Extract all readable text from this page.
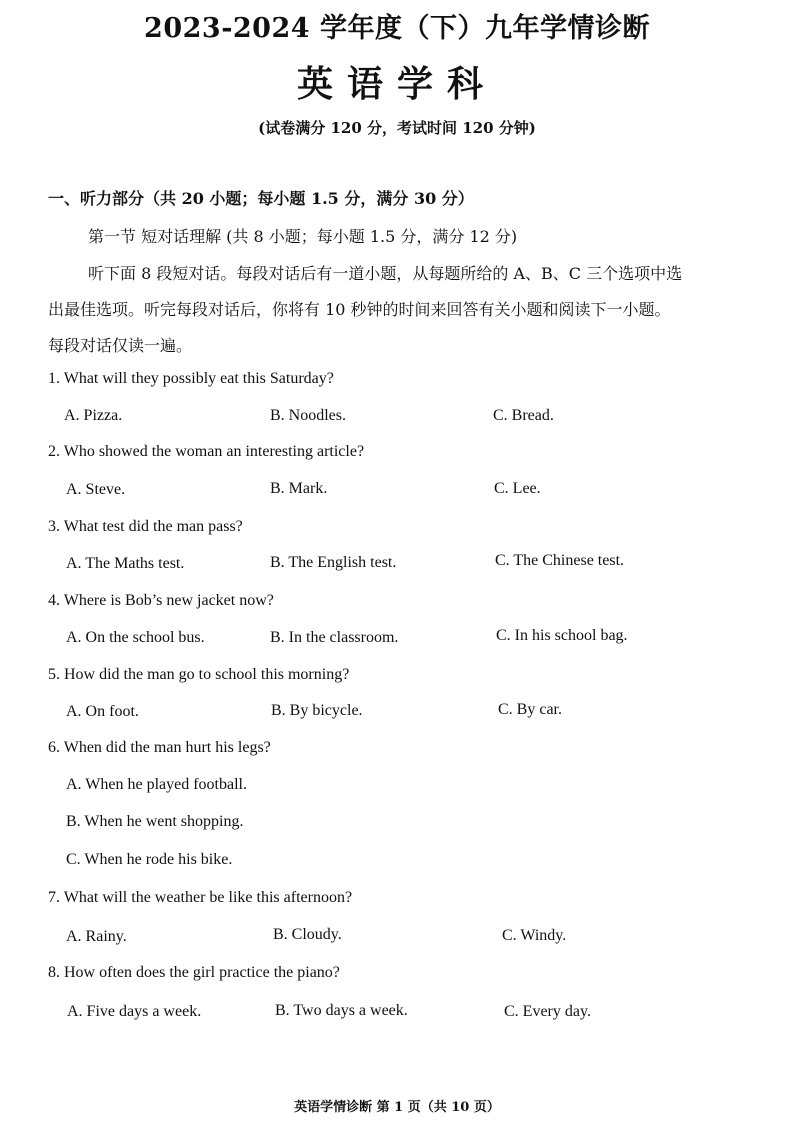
2023-2024 学年度（下）九年学情诊断
英语学科
(试卷满分 120 分，考试时间 120 分钟)
一、听力部分（共 20 小题；每小题 1.5 分，满分 30 分）
第一节 短对话理解 (共 8 小题；每小题 1.5 分，满分 12 分)
听下面 8 段短对话。每段对话后有一道小题，从每题所给的 A、B、C 三个选项中选
出最佳选项。听完每段对话后，你将有 10 秒钟的时间来回答有关小题和阅读下一小题。
每段对话仅读一遍。
1. What will they possibly eat this Saturday?
A. Pizza.	B. Noodles.	C. Bread.
2. Who showed the woman an interesting article?
A. Steve.	B. Mark.	C. Lee.
3. What test did the man pass?
A. The Maths test.	B. The English test.	C. The Chinese test.
4. Where is Bob’s new jacket now?
A. On the school bus.	B. In the classroom.	C. In his school bag.
5. How did the man go to school this morning?
A. On foot.	B. By bicycle.	C. By car.
6. When did the man hurt his legs?
A. When he played football.
B. When he went shopping.
C. When he rode his bike.
7. What will the weather be like this afternoon?
A. Rainy.	B. Cloudy.	C. Windy.
8. How often does the girl practice the piano?
A. Five days a week.	B. Two days a week.	C. Every day.
英语学情诊断 第 1 页（共 10 页）
